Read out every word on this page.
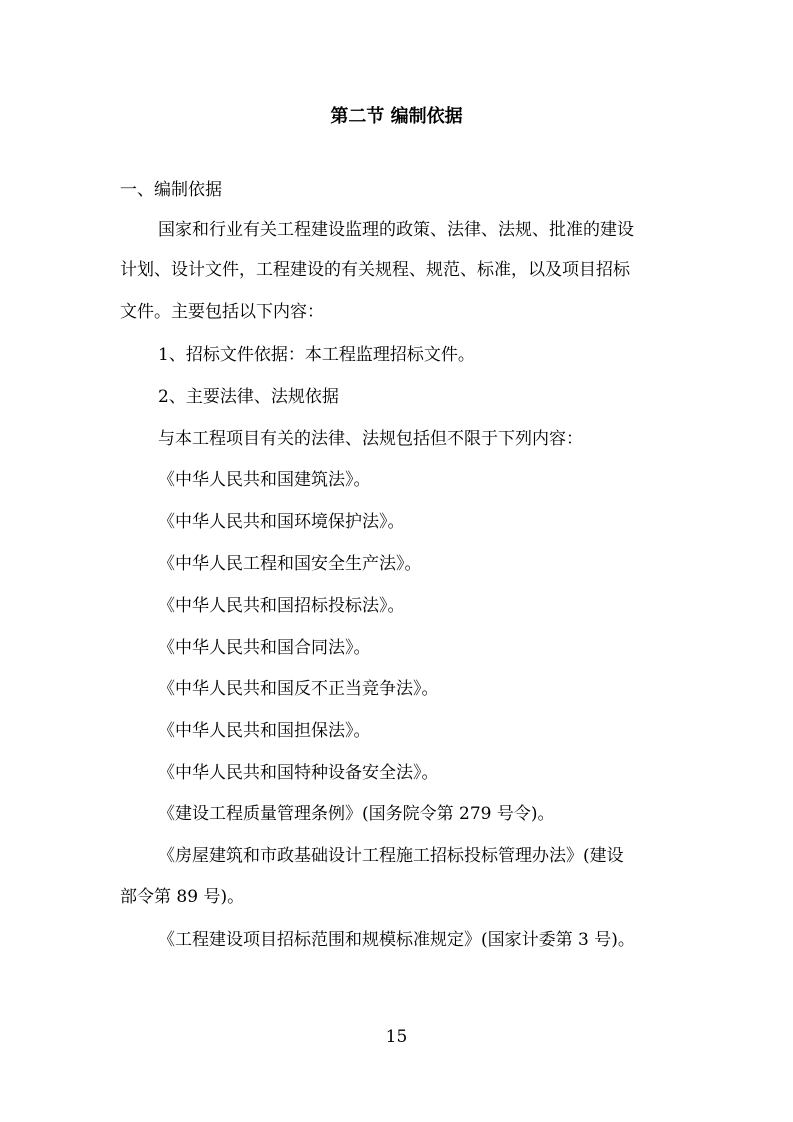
第二节 编制依据
一、编制依据
国家和行业有关工程建设监理的政策、法律、法规、批准的建设
计划、设计文件，工程建设的有关规程、规范、标准，以及项目招标
文件。主要包括以下内容：
1、招标文件依据：本工程监理招标文件。
2、主要法律、法规依据
与本工程项目有关的法律、法规包括但不限于下列内容：
《中华人民共和国建筑法》。
《中华人民共和国环境保护法》。
《中华人民工程和国安全生产法》。
《中华人民共和国招标投标法》。
《中华人民共和国合同法》。
《中华人民共和国反不正当竞争法》。
《中华人民共和国担保法》。
《中华人民共和国特种设备安全法》。
《建设工程质量管理条例》(国务院令第 279 号令)。
《房屋建筑和市政基础设计工程施工招标投标管理办法》(建设
部令第 89 号)。
《工程建设项目招标范围和规模标准规定》(国家计委第 3 号)。
15
